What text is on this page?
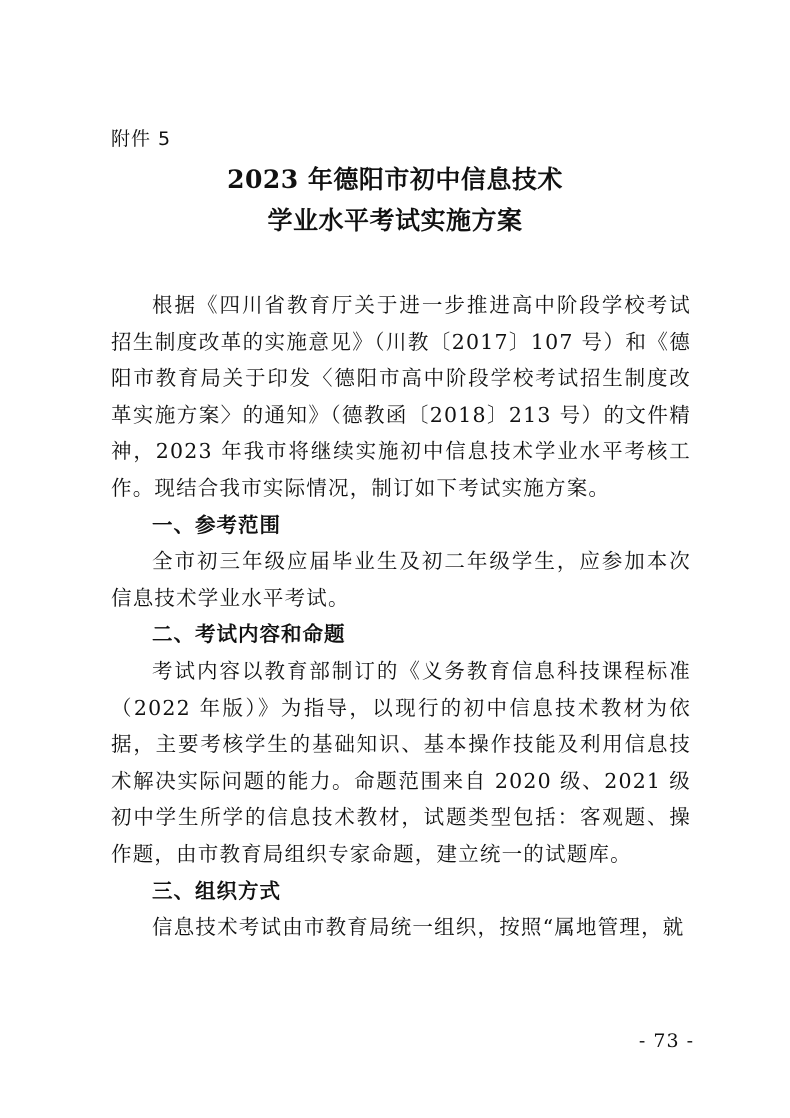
附件 5
2023 年德阳市初中信息技术
学业水平考试实施方案

根据《四川省教育厅关于进一步推进高中阶段学校考试招生制度改革的实施意见》（川教〔2017〕107 号）和《德阳市教育局关于印发〈德阳市高中阶段学校考试招生制度改革实施方案〉的通知》（德教函〔2018〕213 号）的文件精神，2023 年我市将继续实施初中信息技术学业水平考核工作。现结合我市实际情况，制订如下考试实施方案。

一、参考范围

全市初三年级应届毕业生及初二年级学生，应参加本次信息技术学业水平考试。

二、考试内容和命题

考试内容以教育部制订的《义务教育信息科技课程标准（2022 年版）》为指导，以现行的初中信息技术教材为依据，主要考核学生的基础知识、基本操作技能及利用信息技术解决实际问题的能力。命题范围来自 2020 级、2021 级初中学生所学的信息技术教材，试题类型包括：客观题、操作题，由市教育局组织专家命题，建立统一的试题库。

三、组织方式

信息技术考试由市教育局统一组织，按照“属地管理，就

- 73 -
